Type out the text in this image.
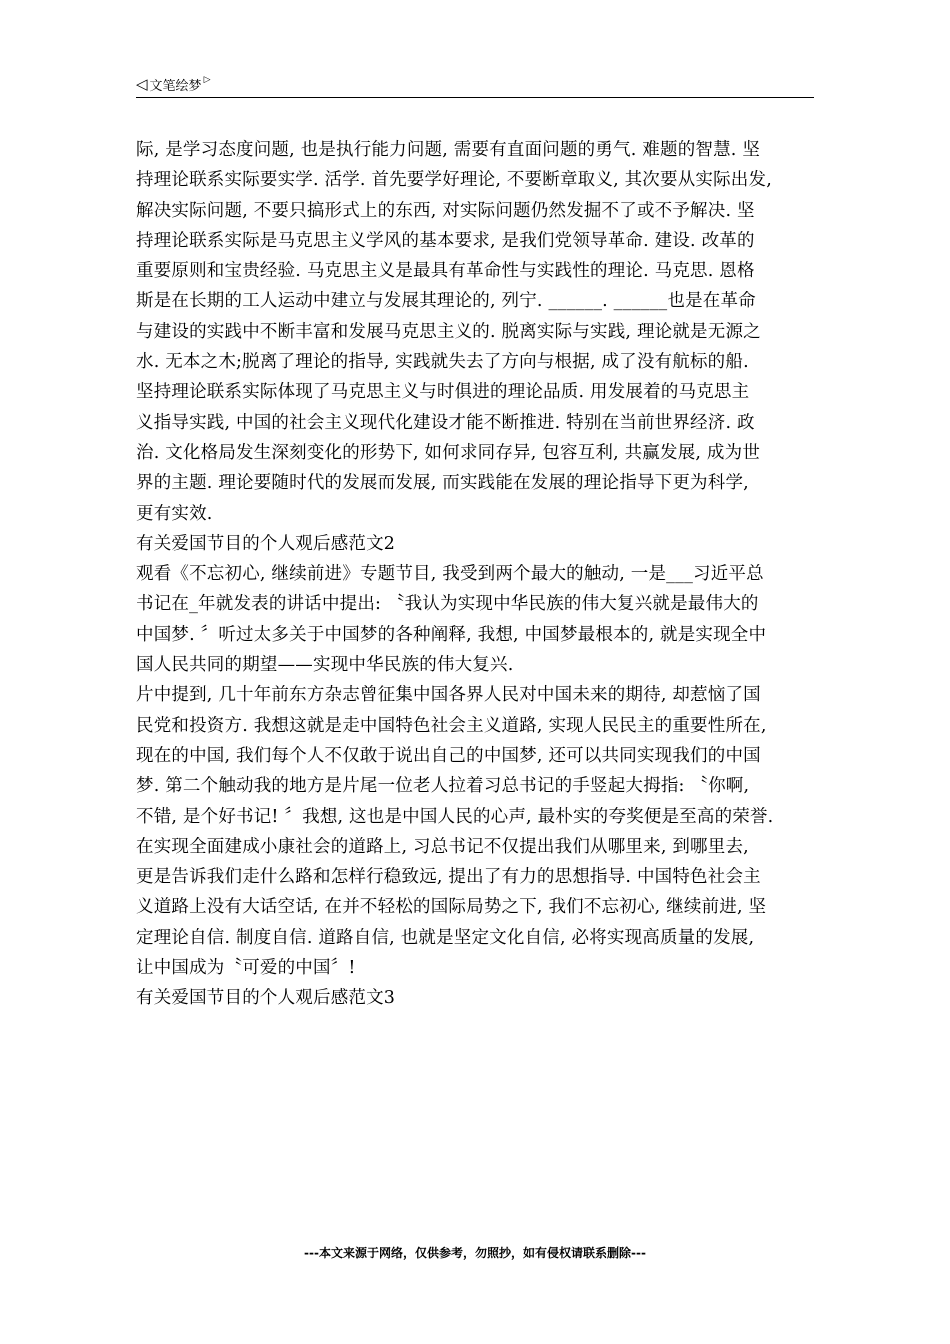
◁ 文笔绘梦 ▷

际, 是学习态度问题, 也是执行能力问题, 需要有直面问题的勇气. 难题的智慧. 坚

持理论联系实际要实学. 活学. 首先要学好理论, 不要断章取义, 其次要从实际出发,

解决实际问题, 不要只搞形式上的东西, 对实际问题仍然发掘不了或不予解决. 坚

持理论联系实际是马克思主义学风的基本要求, 是我们党领导革命. 建设. 改革的

重要原则和宝贵经验. 马克思主义是最具有革命性与实践性的理论. 马克思. 恩格

斯是在长期的工人运动中建立与发展其理论的, 列宁. ______. ______也是在革命

与建设的实践中不断丰富和发展马克思主义的. 脱离实际与实践, 理论就是无源之

水. 无本之木;脱离了理论的指导, 实践就失去了方向与根据, 成了没有航标的船.

坚持理论联系实际体现了马克思主义与时俱进的理论品质. 用发展着的马克思主

义指导实践, 中国的社会主义现代化建设才能不断推进. 特别在当前世界经济. 政

治. 文化格局发生深刻变化的形势下, 如何求同存异, 包容互利, 共赢发展, 成为世

界的主题. 理论要随时代的发展而发展, 而实践能在发展的理论指导下更为科学,

更有实效.

有关爱国节目的个人观后感范文2

观看《不忘初心, 继续前进》专题节目, 我受到两个最大的触动, 一是___习近平总

书记在_年就发表的讲话中提出: 〝我认为实现中华民族的伟大复兴就是最伟大的

中国梦. 〞听过太多关于中国梦的各种阐释, 我想, 中国梦最根本的, 就是实现全中

国人民共同的期望——实现中华民族的伟大复兴.

片中提到, 几十年前东方杂志曾征集中国各界人民对中国未来的期待, 却惹恼了国

民党和投资方. 我想这就是走中国特色社会主义道路, 实现人民民主的重要性所在,

现在的中国, 我们每个人不仅敢于说出自己的中国梦, 还可以共同实现我们的中国

梦. 第二个触动我的地方是片尾一位老人拉着习总书记的手竖起大拇指: 〝你啊,

不错, 是个好书记! 〞我想, 这也是中国人民的心声, 最朴实的夸奖便是至高的荣誉.

在实现全面建成小康社会的道路上, 习总书记不仅提出我们从哪里来, 到哪里去,

更是告诉我们走什么路和怎样行稳致远, 提出了有力的思想指导. 中国特色社会主

义道路上没有大话空话, 在并不轻松的国际局势之下, 我们不忘初心, 继续前进, 坚

定理论自信. 制度自信. 道路自信, 也就是坚定文化自信, 必将实现高质量的发展,

让中国成为〝可爱的中国〞!

有关爱国节目的个人观后感范文3

---本文来源于网络，仅供参考，勿照抄，如有侵权请联系删除---
